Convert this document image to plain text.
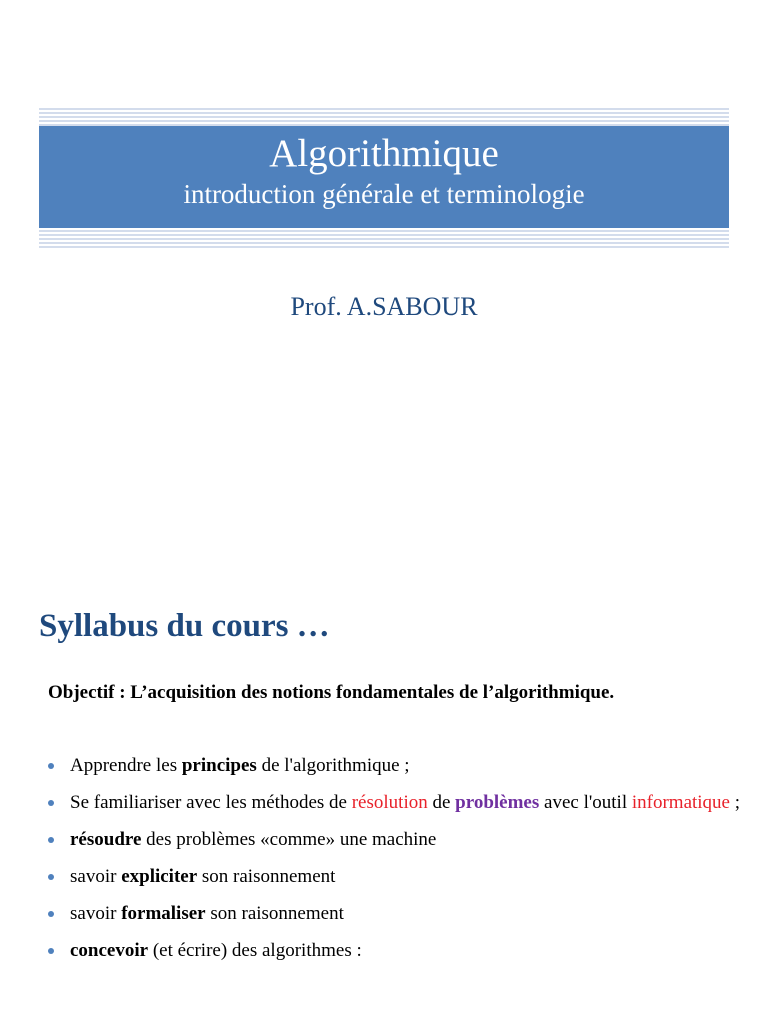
Algorithmique
introduction générale et terminologie
Prof. A.SABOUR
Syllabus du cours …
Objectif : L’acquisition des notions fondamentales de l’algorithmique.
Apprendre les principes de l'algorithmique ;
Se familiariser avec les méthodes de résolution de problèmes avec l'outil informatique ;
résoudre des problèmes «comme» une machine
savoir expliciter son raisonnement
savoir formaliser son raisonnement
concevoir (et écrire) des algorithmes :
